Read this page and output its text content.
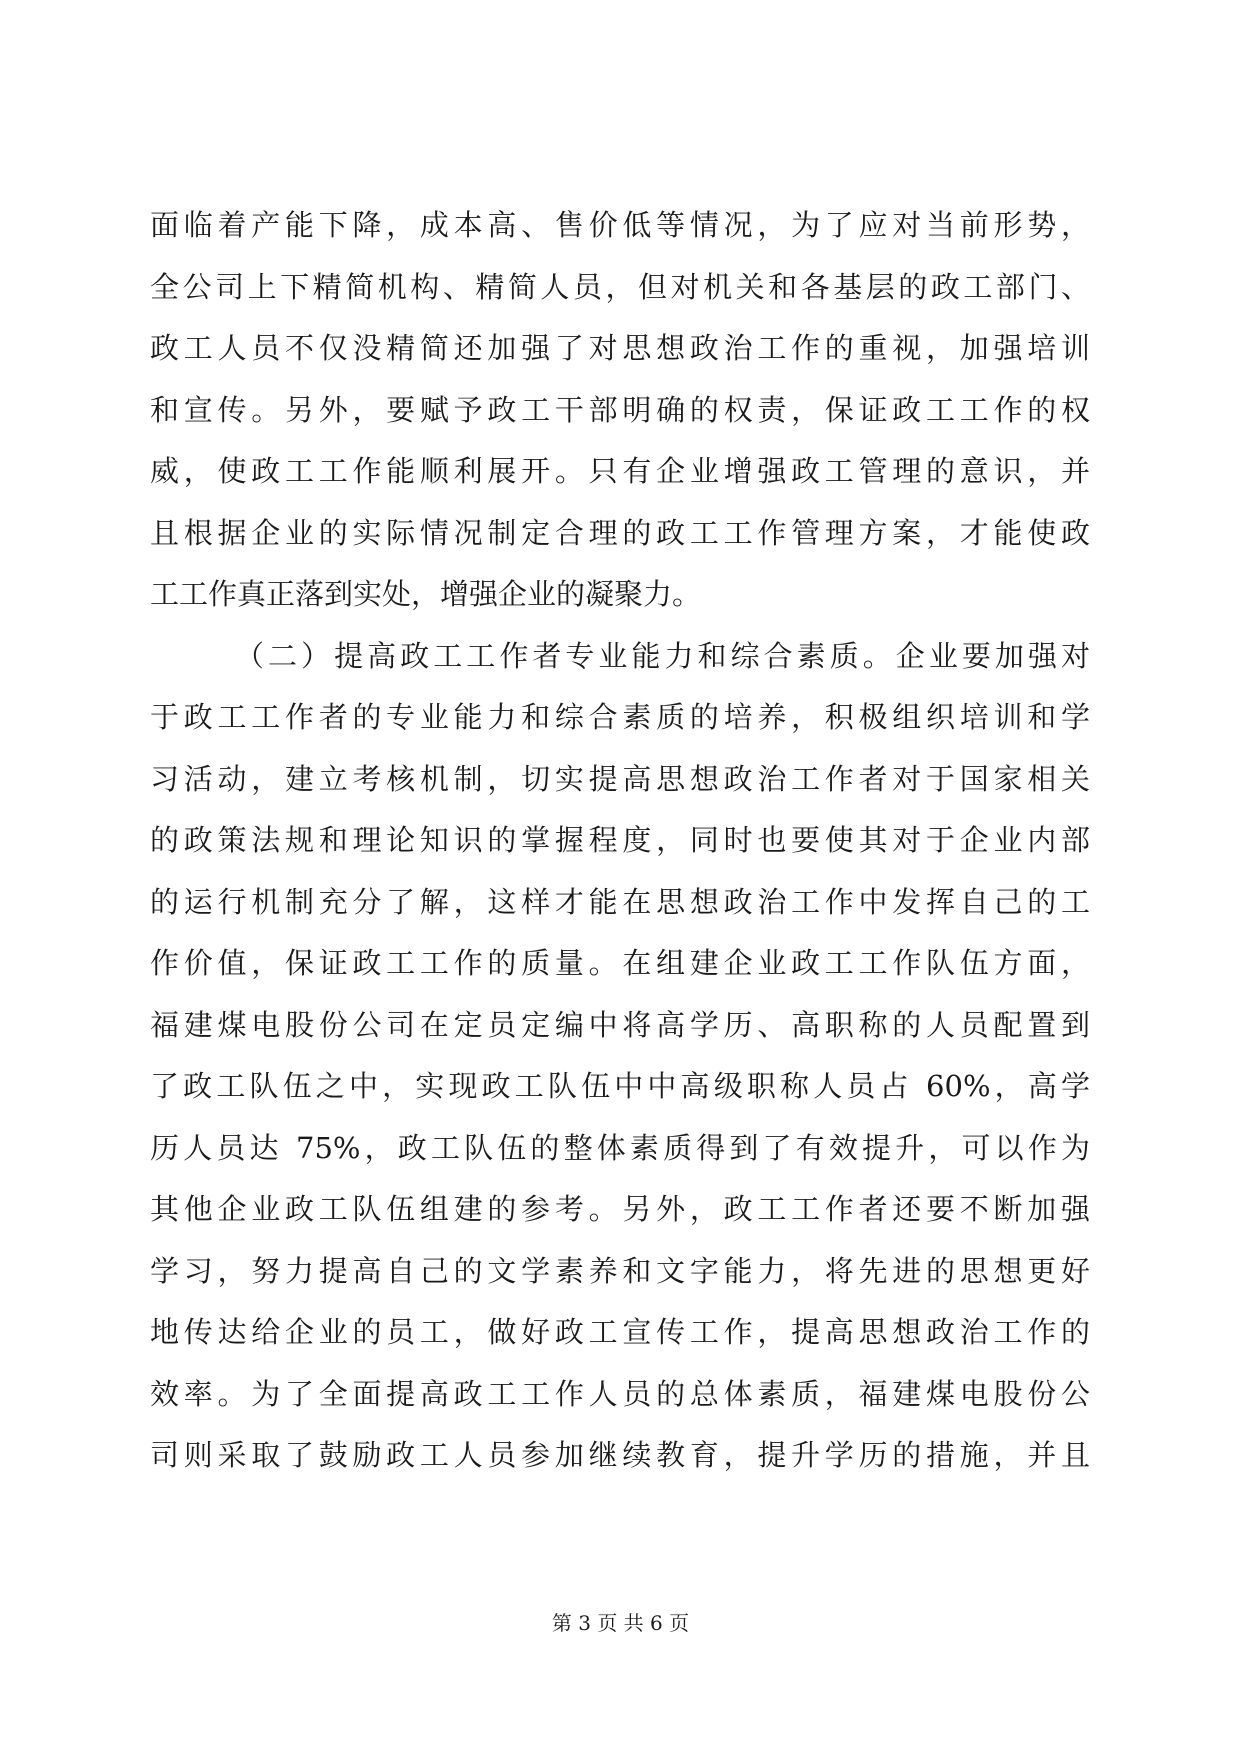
面临着产能下降，成本高、售价低等情况，为了应对当前形势，
全公司上下精简机构、精简人员，但对机关和各基层的政工部门、
政工人员不仅没精简还加强了对思想政治工作的重视，加强培训
和宣传。另外，要赋予政工干部明确的权责，保证政工工作的权
威，使政工工作能顺利展开。只有企业增强政工管理的意识，并
且根据企业的实际情况制定合理的政工工作管理方案，才能使政
工工作真正落到实处，增强企业的凝聚力。
（二）提高政工工作者专业能力和综合素质。企业要加强对
于政工工作者的专业能力和综合素质的培养，积极组织培训和学
习活动，建立考核机制，切实提高思想政治工作者对于国家相关
的政策法规和理论知识的掌握程度，同时也要使其对于企业内部
的运行机制充分了解，这样才能在思想政治工作中发挥自己的工
作价值，保证政工工作的质量。在组建企业政工工作队伍方面，
福建煤电股份公司在定员定编中将高学历、高职称的人员配置到
了政工队伍之中，实现政工队伍中中高级职称人员占 60%，高学
历人员达 75%，政工队伍的整体素质得到了有效提升，可以作为
其他企业政工队伍组建的参考。另外，政工工作者还要不断加强
学习，努力提高自己的文学素养和文字能力，将先进的思想更好
地传达给企业的员工，做好政工宣传工作，提高思想政治工作的
效率。为了全面提高政工工作人员的总体素质，福建煤电股份公
司则采取了鼓励政工人员参加继续教育，提升学历的措施，并且
第 3 页 共 6 页
